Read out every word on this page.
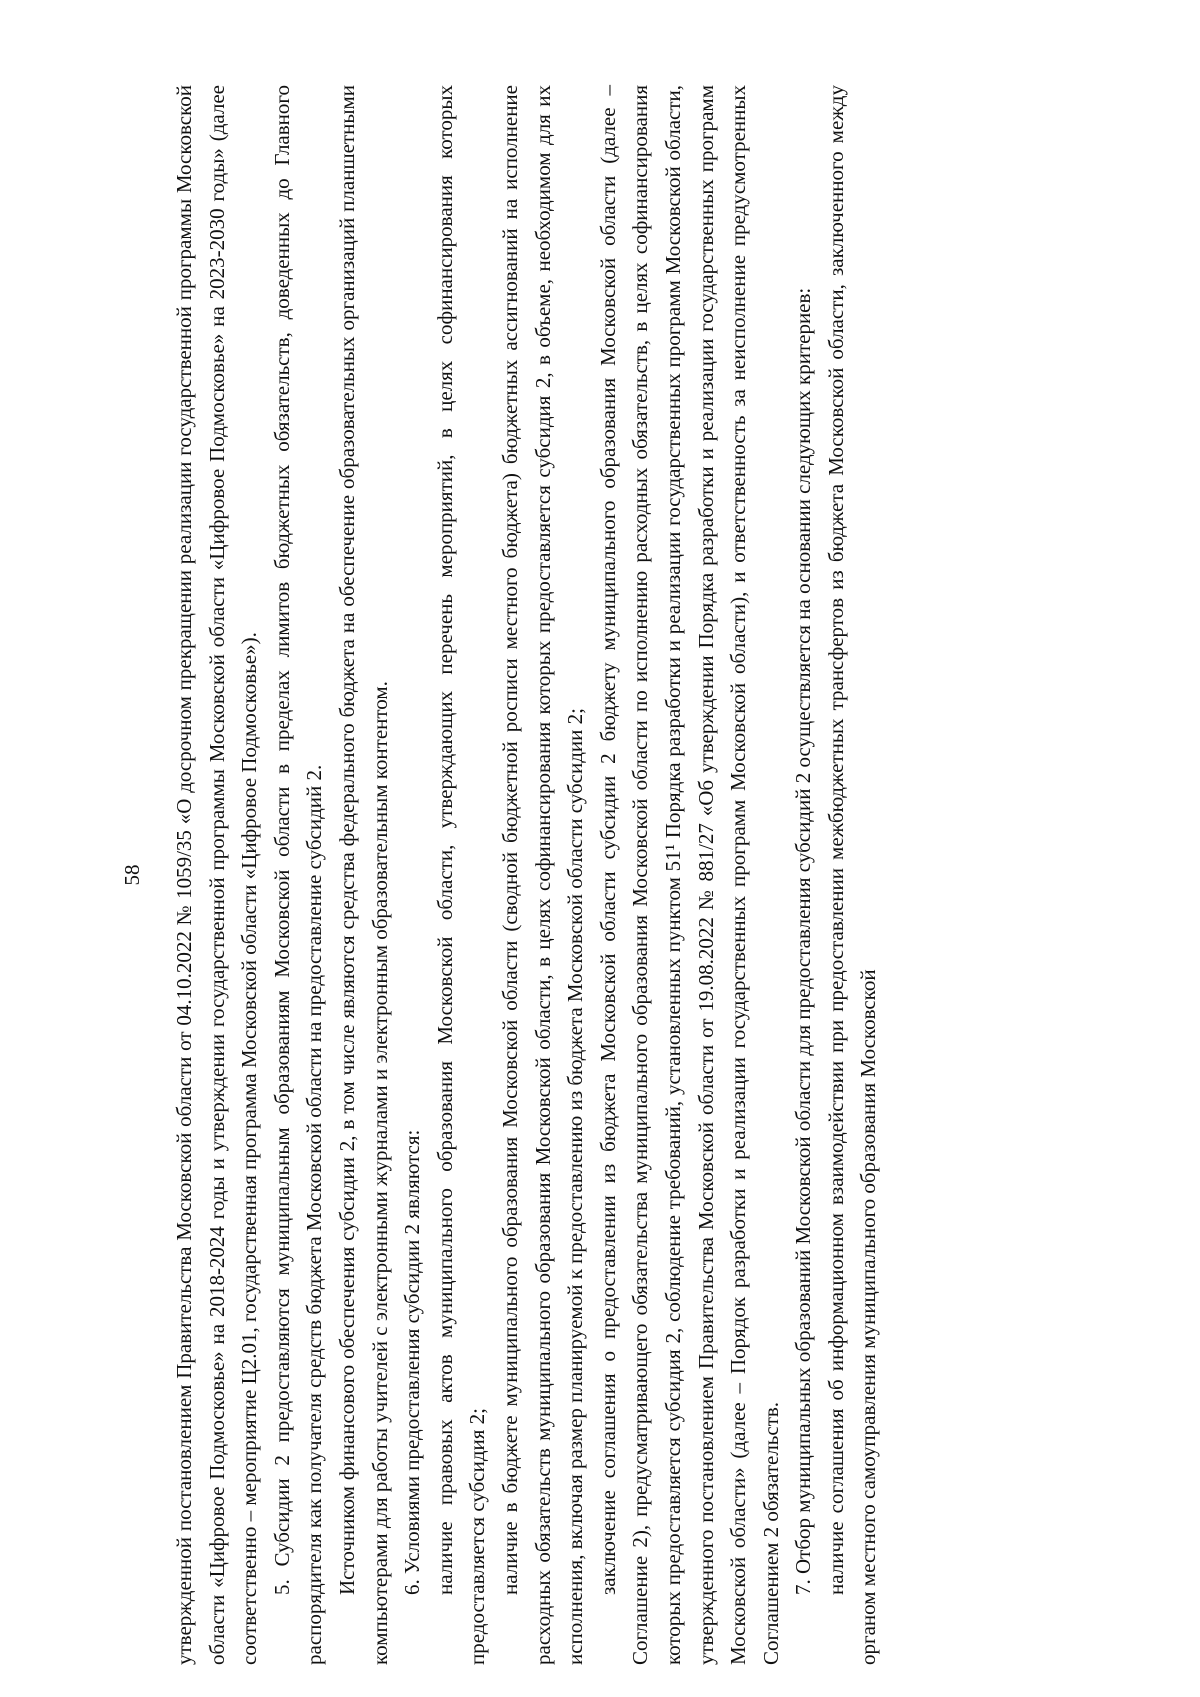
58 утвержденной постановлением Правительства Московской области от 04.10.2022 № 1059/35 «О досрочном прекращении реализации государственной программы Московской области «Цифровое Подмосковье» на 2018-2024 годы и утверждении государственной программы Московской области «Цифровое Подмосковье» на 2023-2030 годы» (далее соответственно – мероприятие Ц2.01, государственная программа Московской области «Цифровое Подмосковье»). 5. Субсидии 2 предоставляются муниципальным образованиям Московской области в пределах лимитов бюджетных обязательств, доведенных до Главного распорядителя как получателя средств бюджета Московской области на предоставление субсидий 2. Источником финансового обеспечения субсидии 2, в том числе являются средства федерального бюджета на обеспечение образовательных организаций планшетными компьютерами для работы учителей с электронными журналами и электронным образовательным контентом. 6. Условиями предоставления субсидии 2 являются: наличие правовых актов муниципального образования Московской области, утверждающих перечень мероприятий, в целях софинансирования которых предоставляется субсидия 2; наличие в бюджете муниципального образования Московской области (сводной бюджетной росписи местного бюджета) бюджетных ассигнований на исполнение расходных обязательств муниципального образования Московской области, в целях софинансирования которых предоставляется субсидия 2, в объеме, необходимом для их исполнения, включая размер планируемой к предоставлению из бюджета Московской области субсидии 2; заключение соглашения о предоставлении из бюджета Московской области субсидии 2 бюджету муниципального образования Московской области (далее – Соглашение 2), предусматривающего обязательства муниципального образования Московской области по исполнению расходных обязательств, в целях софинансирования которых предоставляется субсидия 2, соблюдение требований, установленных пунктом 51¹ Порядка разработки и реализации государственных программ Московской области, утвержденного постановлением Правительства Московской области от 19.08.2022 № 881/27 «Об утверждении Порядка разработки и реализации государственных программ Московской области» (далее – Порядок разработки и реализации государственных программ Московской области), и ответственность за неисполнение предусмотренных Соглашением 2 обязательств. 7. Отбор муниципальных образований Московской области для предоставления субсидий 2 осуществляется на основании следующих критериев: наличие соглашения об информационном взаимодействии при предоставлении межбюджетных трансфертов из бюджета Московской области, заключенного между органом местного самоуправления муниципального образования Московской
